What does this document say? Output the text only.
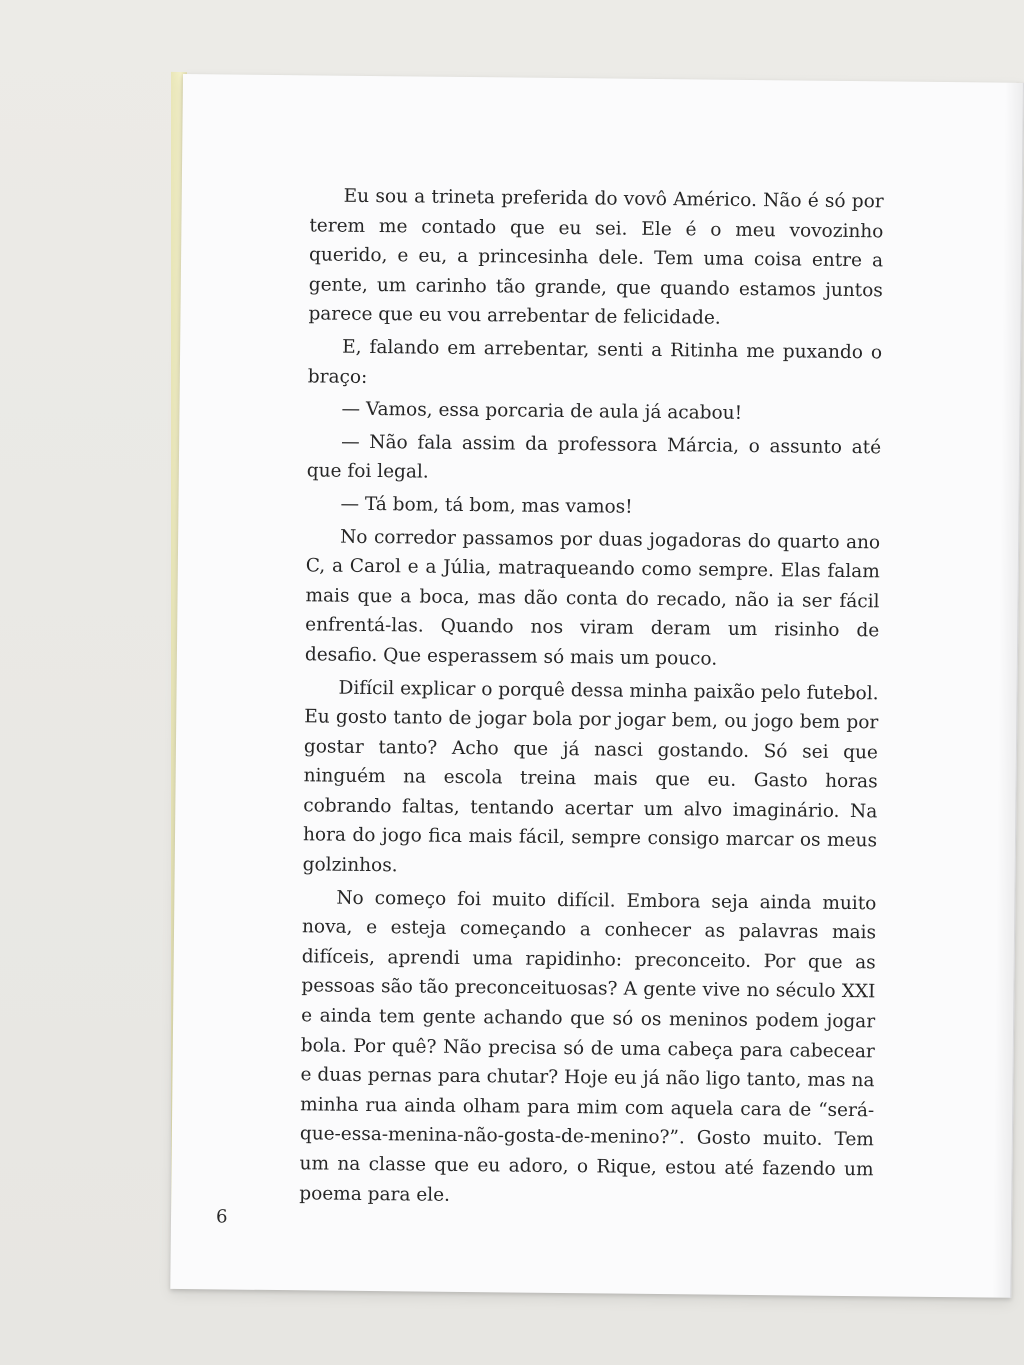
Eu sou a trineta preferida do vovô Américo. Não é só por terem me contado que eu sei. Ele é o meu vovozinho querido, e eu, a princesinha dele. Tem uma coisa entre a gente, um carinho tão grande, que quando estamos juntos parece que eu vou arrebentar de felicidade.

E, falando em arrebentar, senti a Ritinha me puxando o braço:

— Vamos, essa porcaria de aula já acabou!

— Não fala assim da professora Márcia, o assunto até que foi legal.

— Tá bom, tá bom, mas vamos!

No corredor passamos por duas jogadoras do quarto ano C, a Carol e a Júlia, matraqueando como sempre. Elas falam mais que a boca, mas dão conta do recado, não ia ser fácil enfrentá-las. Quando nos viram deram um risinho de desafio. Que esperassem só mais um pouco.

Difícil explicar o porquê dessa minha paixão pelo futebol. Eu gosto tanto de jogar bola por jogar bem, ou jogo bem por gostar tanto? Acho que já nasci gostando. Só sei que ninguém na escola treina mais que eu. Gasto horas cobrando faltas, tentando acertar um alvo imaginário. Na hora do jogo fica mais fácil, sempre consigo marcar os meus golzinhos.

No começo foi muito difícil. Embora seja ainda muito nova, e esteja começando a conhecer as palavras mais difíceis, aprendi uma rapidinho: preconceito. Por que as pessoas são tão preconceituosas? A gente vive no século XXI e ainda tem gente achando que só os meninos podem jogar bola. Por quê? Não precisa só de uma cabeça para cabecear e duas pernas para chutar? Hoje eu já não ligo tanto, mas na minha rua ainda olham para mim com aquela cara de “será-que-essa-menina-não-gosta-de-menino?”. Gosto muito. Tem um na classe que eu adoro, o Rique, estou até fazendo um poema para ele.

6
